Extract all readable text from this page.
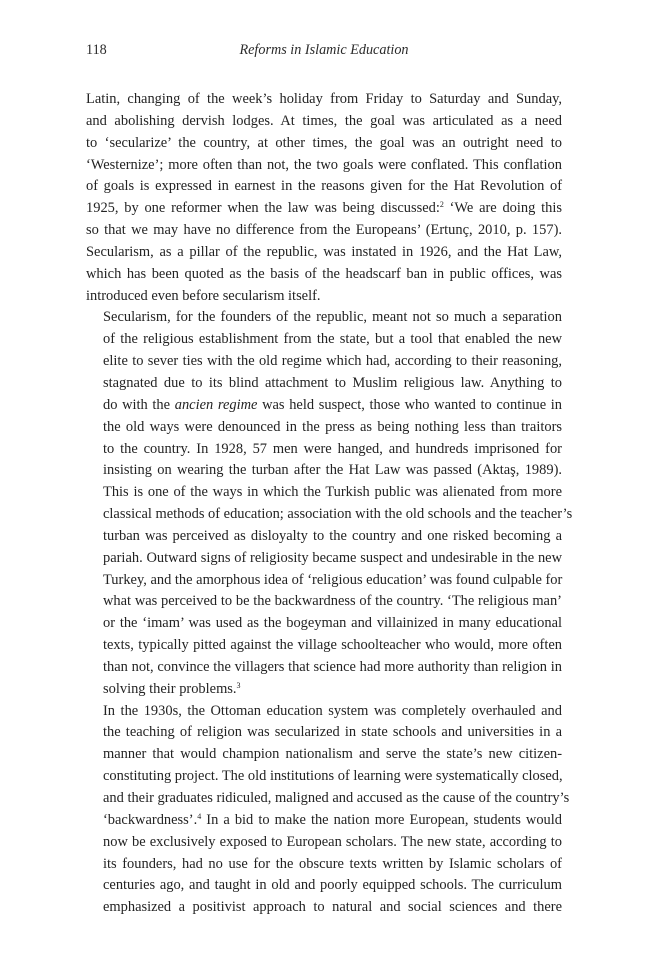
118	Reforms in Islamic Education

Latin, changing of the week’s holiday from Friday to Saturday and Sunday,
and abolishing dervish lodges. At times, the goal was articulated as a need
to ‘secularize’ the country, at other times, the goal was an outright need to
‘Westernize’; more often than not, the two goals were conflated. This conflation
of goals is expressed in earnest in the reasons given for the Hat Revolution of
1925, by one reformer when the law was being discussed:$^2$ ‘We are doing this
so that we may have no difference from the Europeans’ (Ertunç, 2010, p. 157).
Secularism, as a pillar of the republic, was instated in 1926, and the Hat Law,
which has been quoted as the basis of the headscarf ban in public offices, was
introduced even before secularism itself.

Secularism, for the founders of the republic, meant not so much a separation
of the religious establishment from the state, but a tool that enabled the new
elite to sever ties with the old regime which had, according to their reasoning,
stagnated due to its blind attachment to Muslim religious law. Anything to
do with the ancien regime was held suspect, those who wanted to continue in
the old ways were denounced in the press as being nothing less than traitors
to the country. In 1928, 57 men were hanged, and hundreds imprisoned for
insisting on wearing the turban after the Hat Law was passed (Aktaş, 1989).
This is one of the ways in which the Turkish public was alienated from more
classical methods of education; association with the old schools and the teacher’s
turban was perceived as disloyalty to the country and one risked becoming a
pariah. Outward signs of religiosity became suspect and undesirable in the new
Turkey, and the amorphous idea of ‘religious education’ was found culpable for
what was perceived to be the backwardness of the country. ‘The religious man’
or the ‘imam’ was used as the bogeyman and villainized in many educational
texts, typically pitted against the village schoolteacher who would, more often
than not, convince the villagers that science had more authority than religion in
solving their problems.$^3$

In the 1930s, the Ottoman education system was completely overhauled and
the teaching of religion was secularized in state schools and universities in a
manner that would champion nationalism and serve the state’s new citizen-
constituting project. The old institutions of learning were systematically closed,
and their graduates ridiculed, maligned and accused as the cause of the country’s
‘backwardness’.$^4$ In a bid to make the nation more European, students would
now be exclusively exposed to European scholars. The new state, according to
its founders, had no use for the obscure texts written by Islamic scholars of
centuries ago, and taught in old and poorly equipped schools. The curriculum
emphasized a positivist approach to natural and social sciences and there
